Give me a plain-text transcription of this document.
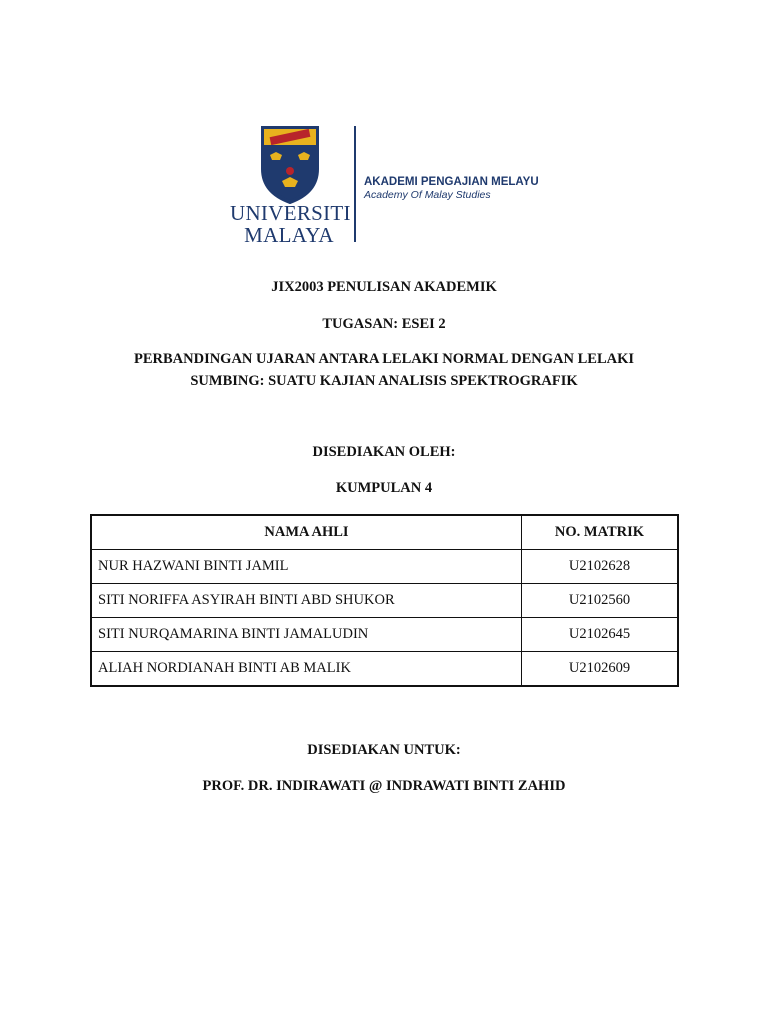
UNIVERSITI
MALAYA
AKADEMI PENGAJIAN MELAYU
Academy Of Malay Studies
JIX2003 PENULISAN AKADEMIK
TUGASAN: ESEI 2
PERBANDINGAN UJARAN ANTARA LELAKI NORMAL DENGAN LELAKI
SUMBING: SUATU KAJIAN ANALISIS SPEKTROGRAFIK
DISEDIAKAN OLEH:
KUMPULAN 4
NAMA AHLI	NO. MATRIK
NUR HAZWANI BINTI JAMIL	U2102628
SITI NORIFFA ASYIRAH BINTI ABD SHUKOR	U2102560
SITI NURQAMARINA BINTI JAMALUDIN	U2102645
ALIAH NORDIANAH BINTI AB MALIK	U2102609
DISEDIAKAN UNTUK:
PROF. DR. INDIRAWATI @ INDRAWATI BINTI ZAHID
